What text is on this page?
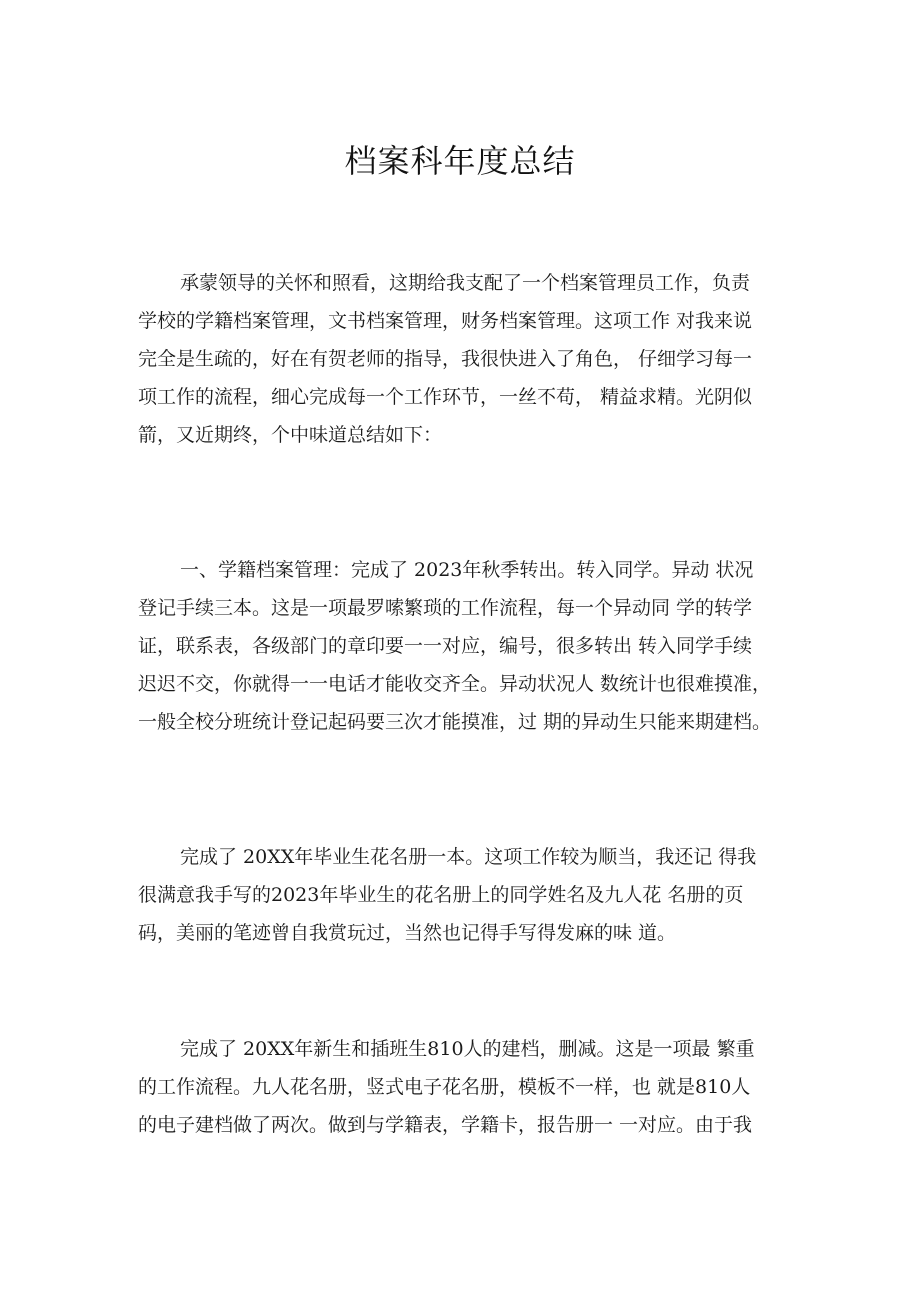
档案科年度总结
承蒙领导的关怀和照看，这期给我支配了一个档案管理员工作，负责
学校的学籍档案管理，文书档案管理，财务档案管理。这项工作 对我来说
完全是生疏的，好在有贺老师的指导，我很快进入了角色， 仔细学习每一
项工作的流程，细心完成每一个工作环节，一丝不苟， 精益求精。光阴似
箭，又近期终，个中味道总结如下：
一、学籍档案管理：完成了 2023年秋季转出。转入同学。异动 状况
登记手续三本。这是一项最罗嗦繁琐的工作流程，每一个异动同 学的转学
证，联系表，各级部门的章印要一一对应，编号，很多转出 转入同学手续
迟迟不交，你就得一一电话才能收交齐全。异动状况人 数统计也很难摸准，
一般全校分班统计登记起码要三次才能摸准，过 期的异动生只能来期建档。
完成了 20XX年毕业生花名册一本。这项工作较为顺当，我还记 得我
很满意我手写的2023年毕业生的花名册上的同学姓名及九人花 名册的页
码，美丽的笔迹曾自我赏玩过，当然也记得手写得发麻的味 道。
完成了 20XX年新生和插班生810人的建档，删减。这是一项最 繁重
的工作流程。九人花名册，竖式电子花名册，模板不一样，也 就是810人
的电子建档做了两次。做到与学籍表，学籍卡，报告册一 一对应。由于我
